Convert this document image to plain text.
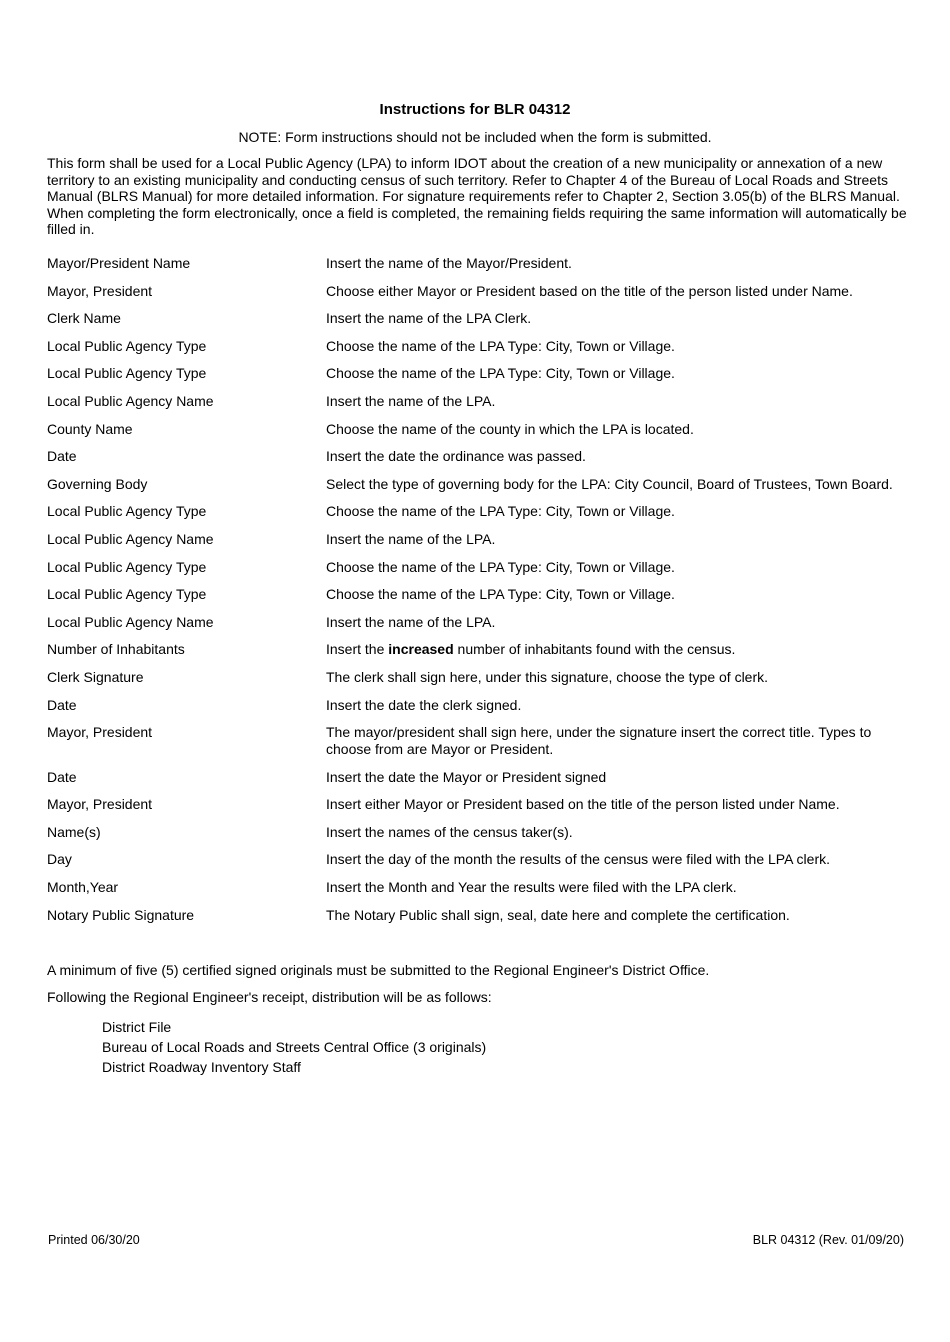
Instructions for BLR 04312
NOTE: Form instructions should not be included when the form is submitted.
This form shall be used for a Local Public Agency (LPA) to inform IDOT about the creation of a new municipality or annexation of a new territory to an existing municipality and conducting census of such territory. Refer to Chapter 4 of the Bureau of Local Roads and Streets Manual (BLRS Manual) for more detailed information. For signature requirements refer to Chapter 2, Section 3.05(b) of the BLRS Manual. When completing the form electronically, once a field is completed, the remaining fields requiring the same information will automatically be filled in.
Mayor/President Name	Insert the name of the Mayor/President.
Mayor, President	Choose either Mayor or President based on the title of the person listed under Name.
Clerk Name	Insert the name of the LPA Clerk.
Local Public Agency Type	Choose the name of the LPA Type: City, Town or Village.
Local Public Agency Type	Choose the name of the LPA Type: City, Town or Village.
Local Public Agency Name	Insert the name of the LPA.
County Name	Choose the name of the county in which the LPA is located.
Date	Insert the date the ordinance was passed.
Governing Body	Select the type of governing body for the LPA: City Council, Board of Trustees, Town Board.
Local Public Agency Type	Choose the name of the LPA Type: City, Town or Village.
Local Public Agency Name	Insert the name of the LPA.
Local Public Agency Type	Choose the name of the LPA Type: City, Town or Village.
Local Public Agency Type	Choose the name of the LPA Type: City, Town or Village.
Local Public Agency Name	Insert the name of the LPA.
Number of Inhabitants	Insert the increased number of inhabitants found with the census.
Clerk Signature	The clerk shall sign here, under this signature, choose the type of clerk.
Date	Insert the date the clerk signed.
Mayor, President	The mayor/president shall sign here, under the signature insert the correct title. Types to choose from are Mayor or President.
Date	Insert the date the Mayor or President signed
Mayor, President	Insert either Mayor or President based on the title of the person listed under Name.
Name(s)	Insert the names of the census taker(s).
Day	Insert the day of the month the results of the census were filed with the LPA clerk.
Month,Year	Insert the Month and Year the results were filed with the LPA clerk.
Notary Public Signature	The Notary Public shall sign, seal, date here and complete the certification.
A minimum of five (5) certified signed originals must be submitted to the Regional Engineer's District Office.
Following the Regional Engineer's receipt, distribution will be as follows:
District File
Bureau of Local Roads and Streets Central Office (3 originals)
District Roadway Inventory Staff
Printed 06/30/20	BLR 04312 (Rev. 01/09/20)
